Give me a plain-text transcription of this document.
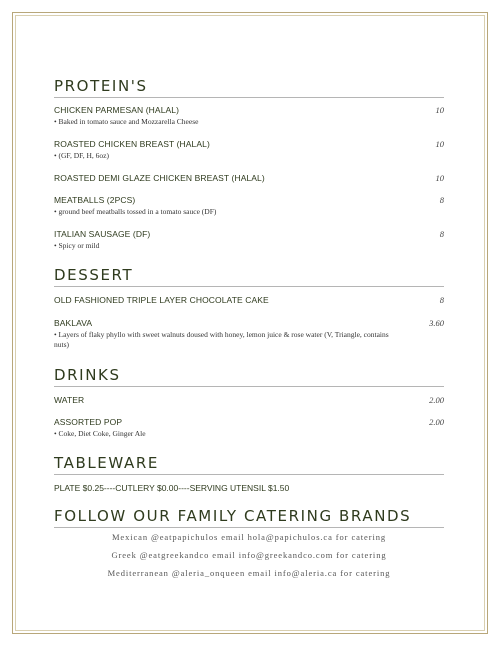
PROTEIN'S
CHICKEN PARMESAN (HALAL)
• Baked in tomato sauce and Mozzarella Cheese
10
ROASTED CHICKEN BREAST (HALAL)
• (GF, DF, H, 6oz)
10
ROASTED DEMI GLAZE CHICKEN BREAST (HALAL)	10
MEATBALLS (2PCS)
• ground beef meatballs tossed in a tomato sauce (DF)
8
ITALIAN SAUSAGE (DF)
• Spicy or mild
8
DESSERT
OLD FASHIONED TRIPLE LAYER CHOCOLATE CAKE	8
BAKLAVA
• Layers of flaky phyllo with sweet walnuts doused with honey, lemon juice & rose water (V, Triangle, contains nuts)
3.60
DRINKS
WATER	2.00
ASSORTED POP
• Coke, Diet Coke, Ginger Ale
2.00
TABLEWARE
PLATE $0.25----CUTLERY $0.00----SERVING UTENSIL $1.50
FOLLOW OUR FAMILY CATERING BRANDS
Mexican @eatpapichulos email hola@papichulos.ca for catering
Greek @eatgreekandco email info@greekandco.com for catering
Mediterranean @aleria_onqueen email info@aleria.ca for catering
